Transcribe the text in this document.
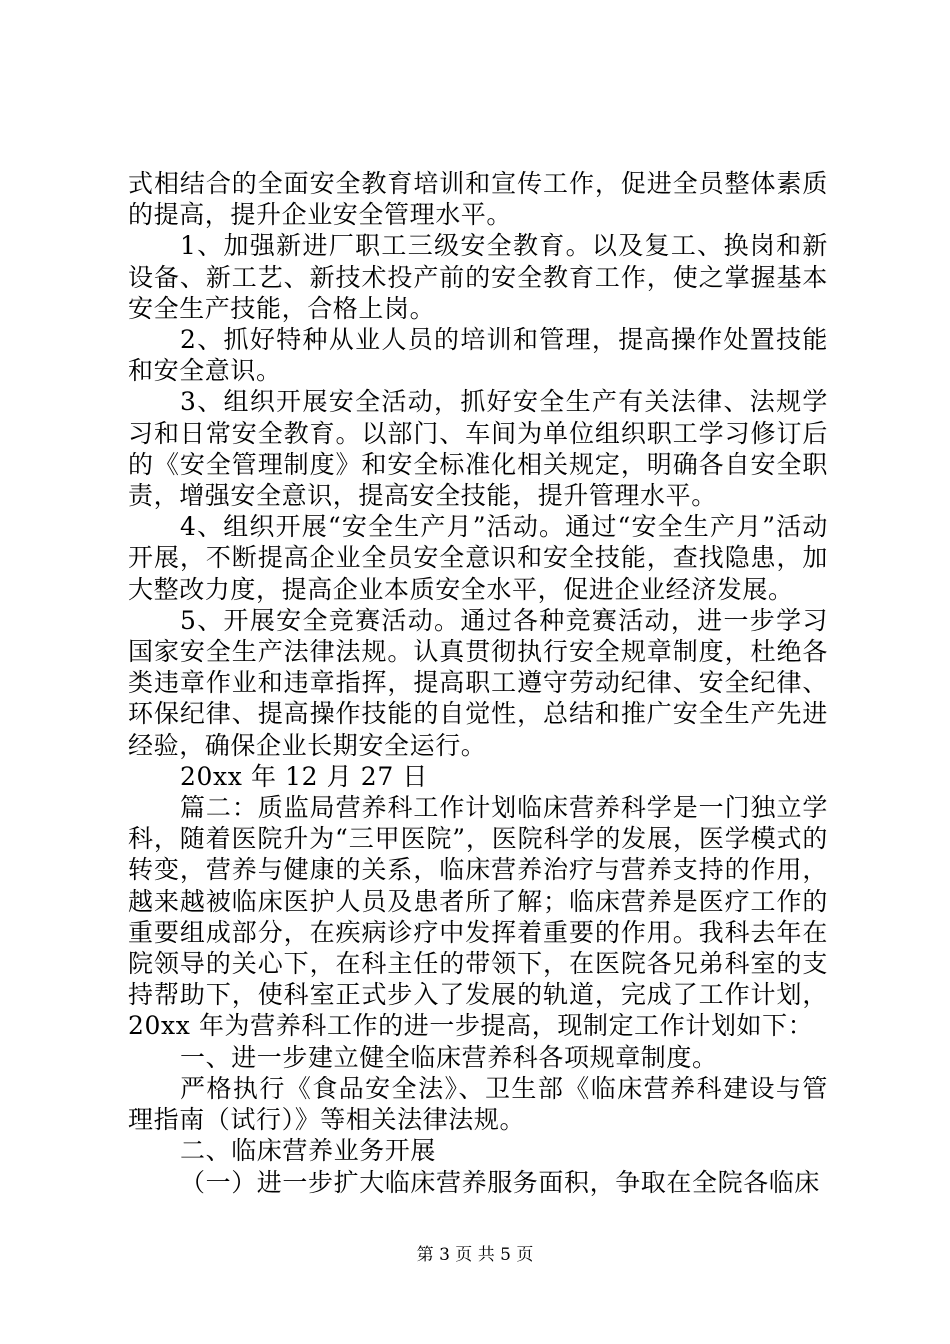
式相结合的全面安全教育培训和宣传工作，促进全员整体素质的提高，提升企业安全管理水平。

1、加强新进厂职工三级安全教育。以及复工、换岗和新设备、新工艺、新技术投产前的安全教育工作，使之掌握基本安全生产技能，合格上岗。

2、抓好特种从业人员的培训和管理，提高操作处置技能和安全意识。

3、组织开展安全活动，抓好安全生产有关法律、法规学习和日常安全教育。以部门、车间为单位组织职工学习修订后的《安全管理制度》和安全标准化相关规定，明确各自安全职责，增强安全意识，提高安全技能，提升管理水平。

4、组织开展“安全生产月”活动。通过“安全生产月”活动开展，不断提高企业全员安全意识和安全技能，查找隐患，加大整改力度，提高企业本质安全水平，促进企业经济发展。

5、开展安全竞赛活动。通过各种竞赛活动，进一步学习国家安全生产法律法规。认真贯彻执行安全规章制度，杜绝各类违章作业和违章指挥，提高职工遵守劳动纪律、安全纪律、环保纪律、提高操作技能的自觉性，总结和推广安全生产先进经验，确保企业长期安全运行。

20xx 年 12 月 27 日

篇二：质监局营养科工作计划临床营养科学是一门独立学科，随着医院升为“三甲医院”，医院科学的发展，医学模式的转变，营养与健康的关系，临床营养治疗与营养支持的作用，越来越被临床医护人员及患者所了解；临床营养是医疗工作的重要组成部分，在疾病诊疗中发挥着重要的作用。我科去年在院领导的关心下，在科主任的带领下，在医院各兄弟科室的支持帮助下，使科室正式步入了发展的轨道，完成了工作计划，20xx 年为营养科工作的进一步提高，现制定工作计划如下：

一、进一步建立健全临床营养科各项规章制度。

严格执行《食品安全法》、卫生部《临床营养科建设与管理指南（试行）》等相关法律法规。

二、临床营养业务开展

（一）进一步扩大临床营养服务面积，争取在全院各临床

第 3 页 共 5 页
